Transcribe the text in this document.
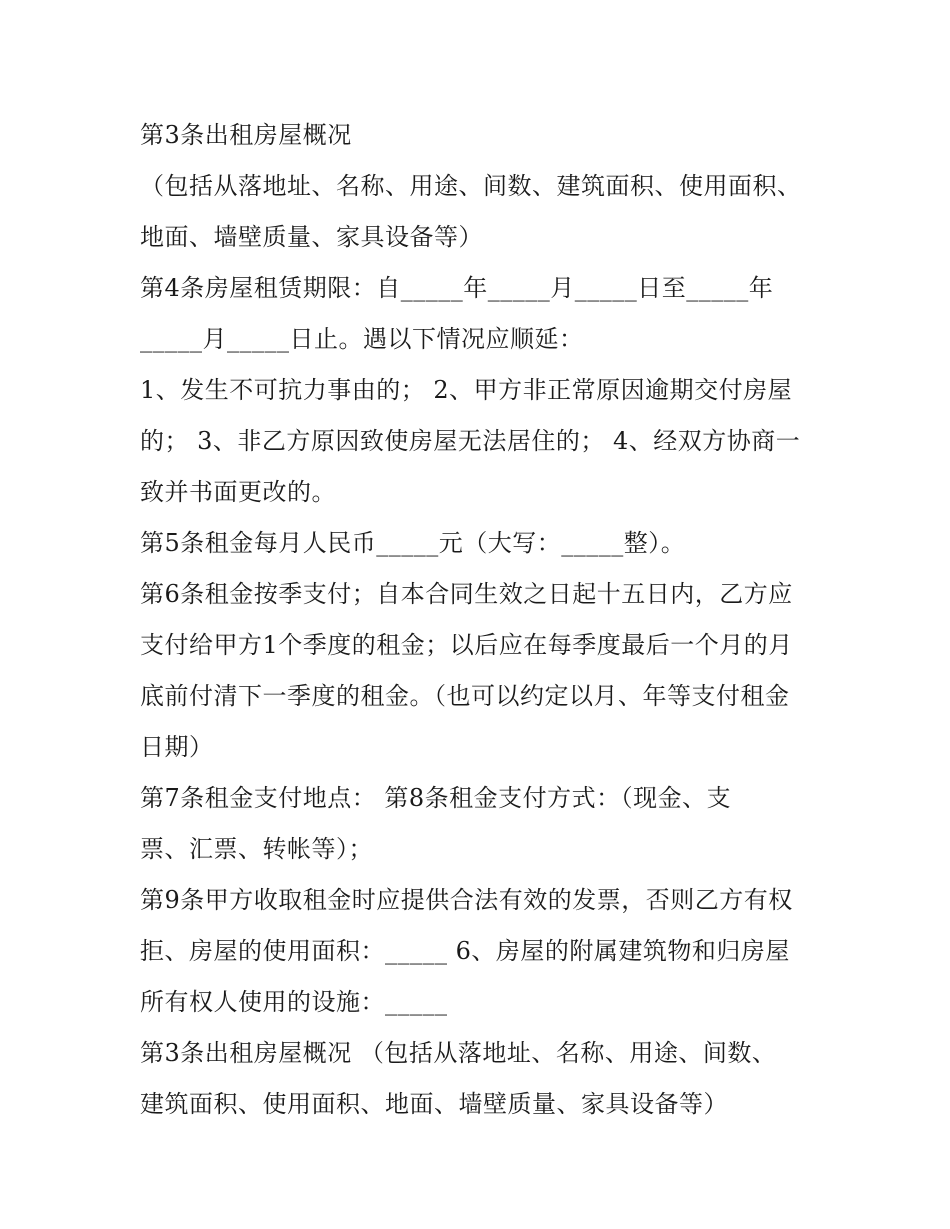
第3条出租房屋概况
（包括从落地址、名称、用途、间数、建筑面积、使用面积、
地面、墙壁质量、家具设备等）
第4条房屋租赁期限：自_____年_____月_____日至_____年
_____月_____日止。遇以下情况应顺延：
1、发生不可抗力事由的； 2、甲方非正常原因逾期交付房屋
的； 3、非乙方原因致使房屋无法居住的； 4、经双方协商一
致并书面更改的。
第5条租金每月人民币_____元（大写：_____整）。
第6条租金按季支付；自本合同生效之日起十五日内，乙方应
支付给甲方1个季度的租金；以后应在每季度最后一个月的月
底前付清下一季度的租金。（也可以约定以月、年等支付租金
日期）
第7条租金支付地点： 第8条租金支付方式：（现金、支
票、汇票、转帐等）；
第9条甲方收取租金时应提供合法有效的发票，否则乙方有权
拒、房屋的使用面积：_____ 6、房屋的附属建筑物和归房屋
所有权人使用的设施：_____
第3条出租房屋概况 （包括从落地址、名称、用途、间数、
建筑面积、使用面积、地面、墙壁质量、家具设备等）
